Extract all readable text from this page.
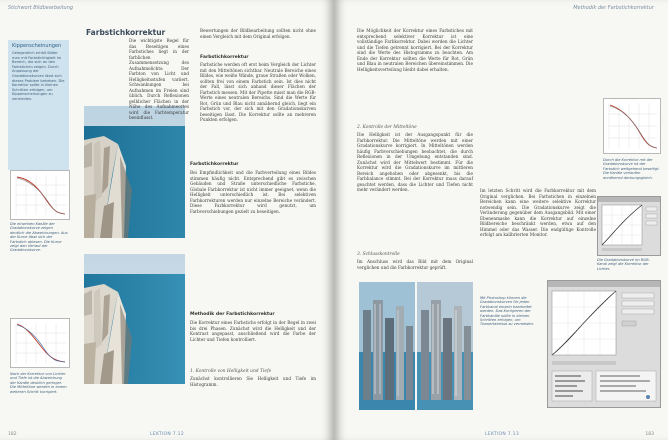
Stichwort Bildbearbeitung
Kippenscheinungen
Gelegentlich erhält Bilder man mit Farbstichtigkeit im Bereich, die sich an den Farbstichen zeigen. Durch Anpassung der Gradationskurven lässt sich dieses Problem beheben. Die Korrektur sollte in kleinen Schritten erfolgen, um Kippenscheinungen zu vermeiden.
Die einzelnen Kanäle der Gradationskurve zeigen deutlich die Abweichungen. Aus der Kurve lässt sich der Farbstich ablesen. Die Kurve zeigt den Verlauf der Gradationskurve.
Nach der Korrektur von Lichter und Tiefe ist die Abweichung der Kanäle deutlich geringer. Die Mitteltöne werden in einem weiteren Schritt korrigiert.
Farbstichkorrektur
Die wichtigste Regel für das Beseitigen eines Farbstiches liegt in der farblichen Zusammensetzung des Aufnahmelichts: Der Farbton von Licht und Helligkeitsstufen variiert. Schwankungen bei Aufnahmen im Freien sind üblich. Durch Reflexionen gelblicher Flächen in der Nähe des Aufnahmeortes wird die Farbtemperatur beeinflusst.
Farbstichkorrektur
Bei Empfindlichkeit und die Farbverteilung eines Bildes stimmen häufig nicht. Entsprechend gibt es zwischen Gebäuden und Straße unterschiedliche Farbstiche. Globale Farbkorrektur ist nicht immer geeignet, wenn die Helligkeit unterschiedlich ist. Bei selektiven Farbkorrekturen werden nur einzelne Bereiche verändert. Diese Farbkorrektur wird genutzt, um Farbverschiebungen gezielt zu beseitigen.
Methodik der Farbstichkorrektur
Die Korrektur eines Farbstichs erfolgt in der Regel in zwei bis drei Phasen. Zunächst wird die Helligkeit und der Kontrast angepasst, anschließend wird die Farbe der Lichter und Tiefen kontrolliert.
1. Kontrolle von Helligkeit und Tiefe
Zunächst kontrollieren Sie Helligkeit und Tiefe im Histogramm.
Bewertungen der Bildbearbeitung sollten nicht ohne einen Vergleich mit dem Original erfolgen.
Farbstichkorrektur
Farbstiche werden oft erst beim Vergleich der Lichter mit den Mitteltönen sichtbar. Neutrale Bereiche eines Bildes, wie weiße Wände, graue Straßen oder Wolken, sollten frei von einem Farbstich sein. Ist dies nicht der Fall, lässt sich anhand dieser Flächen der Farbstich messen. Mit der Pipette misst man die RGB-Werte eines neutralen Bereichs. Sind die Werte für Rot, Grün und Blau nicht annähernd gleich, liegt ein Farbstich vor, der sich mit den Gradationskurven beseitigen lässt. Die Korrektur sollte an mehreren Punkten erfolgen.
182	LEKTION 7.12
Methodik der Farbstichkorrektur
Die Möglichkeit der Korrektur eines Farbstiches mit entsprechend selektiver Korrektur ist eine vollständige Farbkorrektur. Dabei werden die Lichter und die Tiefen getrennt korrigiert. Bei der Korrektur sind die Werte des Histogramms zu beachten. Am Ende der Korrektur sollten die Werte für Rot, Grün und Blau in neutralen Bereichen übereinstimmen. Die Helligkeitsverteilung bleibt dabei erhalten.
2. Kontrolle der Mitteltöne
Die Helligkeit ist der Ausgangspunkt für die Farbkorrektur. Die Mitteltöne werden mit einer Gradationskurve korrigiert. In Mitteltönen werden häufig Farbverschiebungen beobachtet, die durch Reflexionen in der Umgebung entstanden sind. Zunächst wird der Mittelwert bestimmt. Für die Korrektur wird die Gradationskurve im mittleren Bereich angehoben oder abgesenkt, bis die Farbbalance stimmt. Bei der Korrektur muss darauf geachtet werden, dass die Lichter und Tiefen nicht mehr verändert werden.
3. Schlusskontrolle
Im Anschluss wird das Bild mit dem Original verglichen und die Farbkorrektur geprüft.
Im letzten Schritt wird die Farbkorrektur mit dem Original verglichen. Bei Farbstichen in einzelnen Bereichen kann eine weitere selektive Korrektur notwendig sein. Die Gradationskurve zeigt die Veränderung gegenüber dem Ausgangsbild. Mit einer Ebenenmaske kann die Korrektur auf einzelne Bildbereiche beschränkt werden, etwa auf den Himmel oder das Wasser. Die endgültige Kontrolle erfolgt am kalibrierten Monitor.
Durch die Korrektur mit der Gradationskurve ist der Farbstich weitgehend beseitigt. Die Kanäle verlaufen annähernd deckungsgleich.
Die Gradationskurve im RGB-Kanal zeigt die Korrektur der Lichter.
Mit Photoshop können die Gradationskurven für jeden Farbkanal einzeln bearbeitet werden. Das Korrigieren der Farbkanäle sollte in kleinen Schritten erfolgen, um Tonwertabrisse zu vermeiden.
LEKTION 7.13	183
